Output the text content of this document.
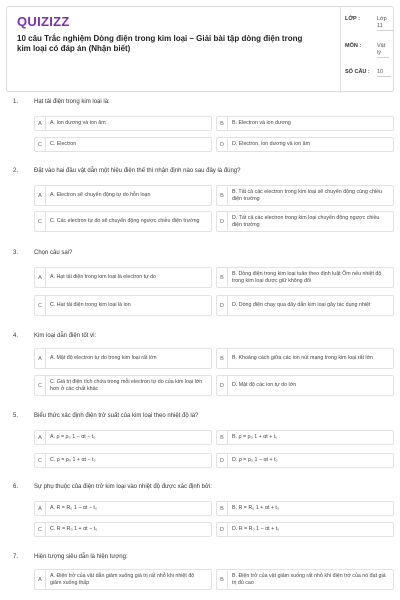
QUIZIZZ
10 câu Trắc nghiệm Dòng điện trong kim loại – Giải bài tập dòng điện trong kim loại có đáp án (Nhận biết)
LỚP :	Lớp 11
MÔN :	Vật lý
SỐ CÂU : 10
1.	Hạt tải điện trong kim loại là:
A	A. Ion dương và ion âm	B	B. Electron và ion dương
C	C. Electron	D	D. Electron, ion dương và ion âm
2.	Đặt vào hai đầu vật dẫn một hiệu điện thế thì nhận định nào sau đây là đúng?
A	A. Electron sẽ chuyển động tự do hỗn loạn	B
B. Tất cả các electron trong kim loại sẽ chuyển động cùng chiều điện trường
C	C. Các electron tự do sẽ chuyển động ngược chiều điện trường	D
D. Tất cả các electron trong kim loại chuyển động ngược chiều điện trường
3.	Chọn câu sai?
A	A. Hạt tải điện trong kim loại là electron tự do	B
B. Dòng điện trong kim loại tuân theo định luật Ôm nếu nhiệt độ trong kim loại được giữ không đổi
C	C. Hạt tải điện trong kim loại là ion	D	D. Dòng điện chạy qua dây dẫn kim loại gây tác dụng nhiệt
4.	Kim loại dẫn điện tốt vì:
A	A. Mật độ electron tự do trong kim loại rất lớn	B	B. Khoảng cách giữa các ion nút mạng trong kim loại rất lớn
C
C. Giá trị điện tích chứa trong mỗi electron tự do của kim loại lớn hơn ở các chất khác	D	D. Mật độ các ion tự do lớn
5.	Biểu thức xác định điện trở suất của kim loại theo nhiệt độ là?
A	A. ρ = ρ₀ 1 − αt − t₀	B	B. ρ = ρ₀ 1 + αt + t₀
C	C. ρ = ρ₀ 1 + αt − t₀	D	D. ρ = ρ₀ 1 − αt + t₀
6.	Sự phụ thuộc của điện trở kim loại vào nhiệt độ được xác định bởi:
A	A. R = R₀ 1 − αt − t₀	B	B. R = R₀ 1 + αt + t₀
C	C. R = R₀ 1 + αt − t₀	D	D. R = R₀ 1 − αt + t₀
7.	Hiện tượng siêu dẫn là hiện tượng:
A
A. Điện trở của vật dẫn giảm xuống giá trị rất nhỏ khi nhiệt độ giảm xuống thấp	B
B. Điện trở của vật giảm xuống rất nhỏ khi điện trở của nó đạt giá trị đủ cao
